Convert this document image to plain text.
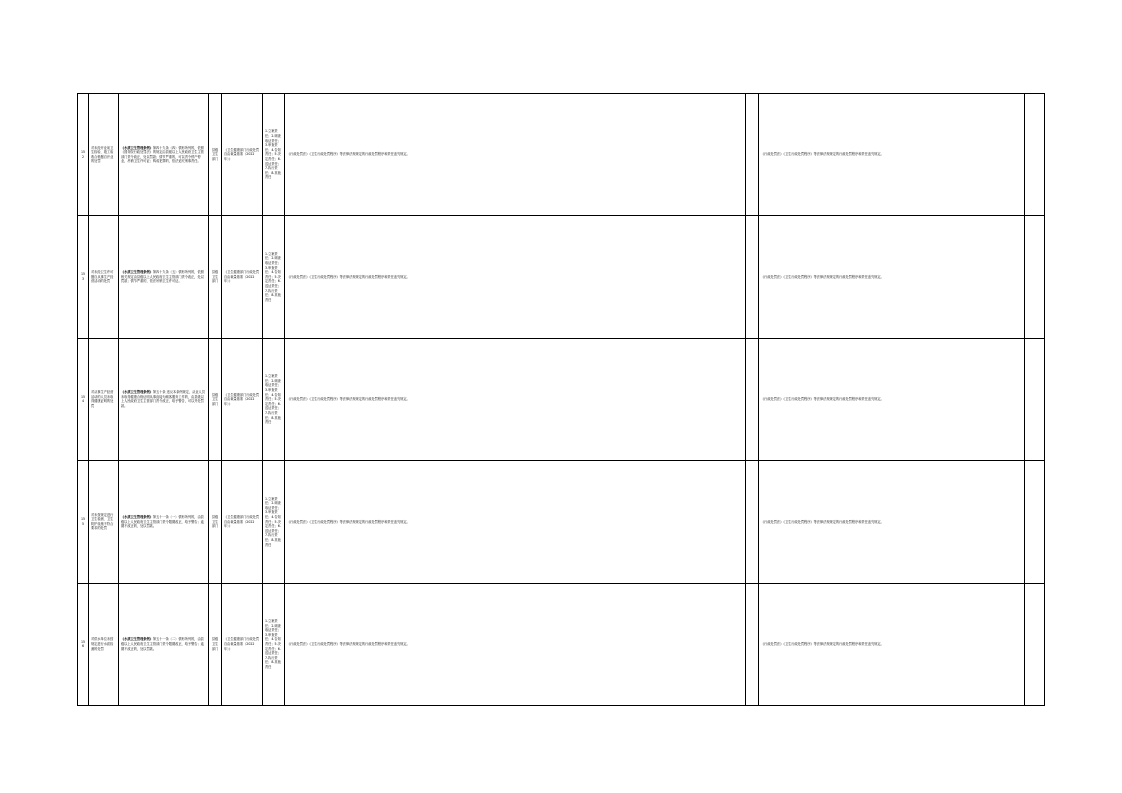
152	对未经开业前卫生检验、竣工验收合格擅自开业的处罚	《水质卫生管理条例》第四十九条（四）情形所列的，依照《国务院行政处罚法》的规定由县级以上人民政府卫生主管部门责令改正，处以罚款；情节严重的，可以责令停产停业，吊销卫生许可证；构成犯罪的，依法追究刑事责任。	县级卫生部门	《卫生健康部门行政处罚自由裁量基准（2022年）》	1.立案责任；2.调查取证责任；3.审查责任；4.告知责任；5.决定责任；6.送达责任；7.执行责任；8.其他责任	《行政处罚法》《卫生行政处罚程序》等法律法规规定的行政处罚程序和责任追究规定。		《行政处罚法》《卫生行政处罚程序》等法律法规规定的行政处罚程序和责任追究规定。	
153	对未经卫生许可擅自从事生产经营活动的处罚	《水质卫生管理条例》第四十九条（五）情形所列的，依照相关规定由县级以上人民政府卫生主管部门责令改正，处以罚款；情节严重的，依法吊销卫生许可证。	县级卫生部门	《卫生健康部门行政处罚自由裁量基准（2022年）》	1.立案责任；2.调查取证责任；3.审查责任；4.告知责任；5.决定责任；6.送达责任；7.执行责任；8.其他责任	《行政处罚法》《卫生行政处罚程序》等法律法规规定的行政处罚程序和责任追究规定。		《行政处罚法》《卫生行政处罚程序》等法律法规规定的行政处罚程序和责任追究规定。	
154	对从事生产经营活动的人员未取得健康证明的处罚	《水质卫生管理条例》第五十条 违反本条例规定，从业人员未取得健康合格证明从事直接为顾客服务工作的，由县级以上人民政府卫生主管部门责令改正，给予警告，可以并处罚款。	县级卫生部门	《卫生健康部门行政处罚自由裁量基准（2022年）》	1.立案责任；2.调查取证责任；3.审查责任；4.告知责任；5.决定责任；6.送达责任；7.执行责任；8.其他责任	《行政处罚法》《卫生行政处罚程序》等法律法规规定的行政处罚程序和责任追究规定。		《行政处罚法》《卫生行政处罚程序》等法律法规规定的行政处罚程序和责任追究规定。	
155	对未按规定进行卫生检测、卫生防护设施不符合要求的处罚	《水质卫生管理条例》第五十一条（一）情形所列的，由县级以上人民政府卫生主管部门责令限期改正，给予警告；逾期不改正的，处以罚款。	县级卫生部门	《卫生健康部门行政处罚自由裁量基准（2022年）》	1.立案责任；2.调查取证责任；3.审查责任；4.告知责任；5.决定责任；6.送达责任；7.执行责任；8.其他责任	《行政处罚法》《卫生行政处罚程序》等法律法规规定的行政处罚程序和责任追究规定。		《行政处罚法》《卫生行政处罚程序》等法律法规规定的行政处罚程序和责任追究规定。	
156	对供水单位未按规定进行水质检测的处罚	《水质卫生管理条例》第五十一条（二）情形所列的，由县级以上人民政府卫生主管部门责令限期改正，给予警告；逾期不改正的，处以罚款。	县级卫生部门	《卫生健康部门行政处罚自由裁量基准（2022年）》	1.立案责任；2.调查取证责任；3.审查责任；4.告知责任；5.决定责任；6.送达责任；7.执行责任；8.其他责任	《行政处罚法》《卫生行政处罚程序》等法律法规规定的行政处罚程序和责任追究规定。		《行政处罚法》《卫生行政处罚程序》等法律法规规定的行政处罚程序和责任追究规定。	
